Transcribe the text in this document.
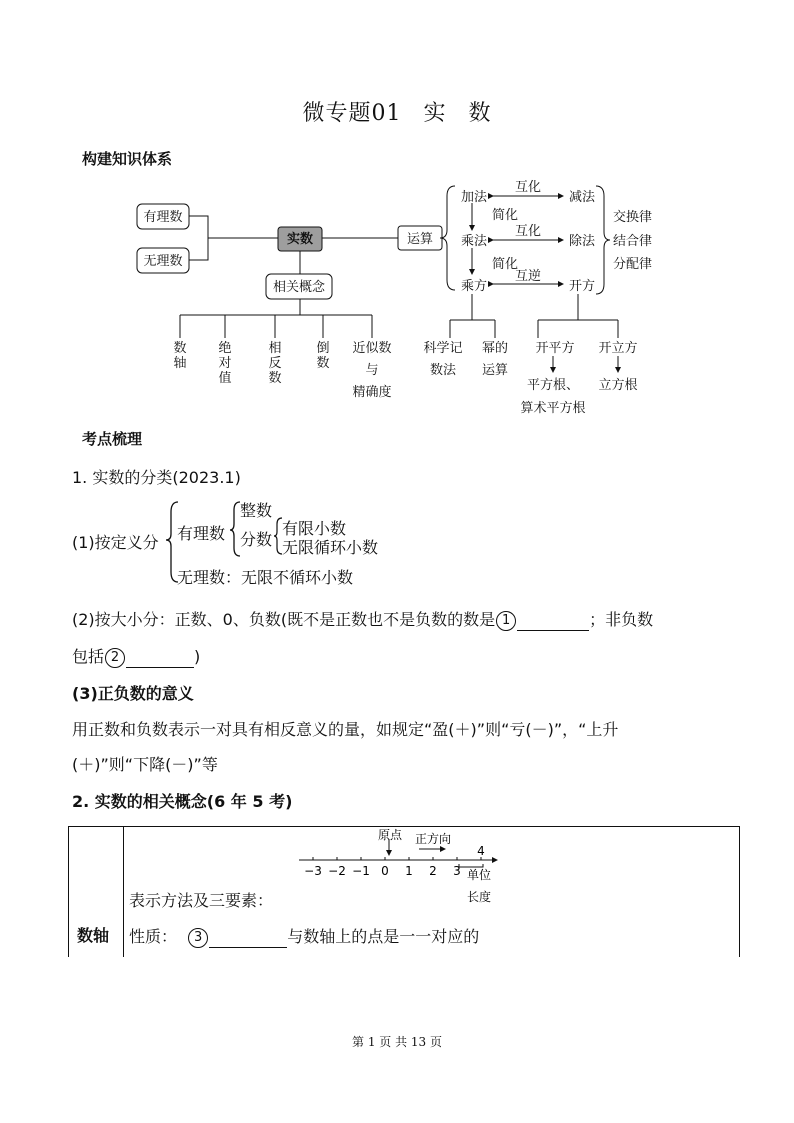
微专题01 实 数
构建知识体系
有理数
无理数
实数	运算
相关概念
加法	减法
互化
简化
乘法	除法
互化
简化
乘方	开方
互逆
交换律
结合律
分配律
科学记
数法
幂的
运算
开平方 开立方
平方根、
算术平方根
立方根
数轴
绝对值
相反数
倒数
近似数与精确度
考点梳理
1. 实数的分类(2023.1)
(1)按定义分 有理数
整数
分数
有限小数
无限循环小数
无理数：无限不循环小数
(2)按大小分：正数、0、负数(既不是正数也不是负数的数是 1	；非负数
包括 2	)
(3)正负数的意义
用正数和负数表示一对具有相反意义的量，如规定“盈(＋)”则“亏(－)”，“上升
(＋)”则“下降(－)”等
2. 实数的相关概念(6 年 5 考)
数轴
表示方法及三要素：
性质： 3	与数轴上的点是一一对应的
原点 正方向
单位
长度
−3 −2 −1 0 1 2 3
4
第 1 页 共 13 页
